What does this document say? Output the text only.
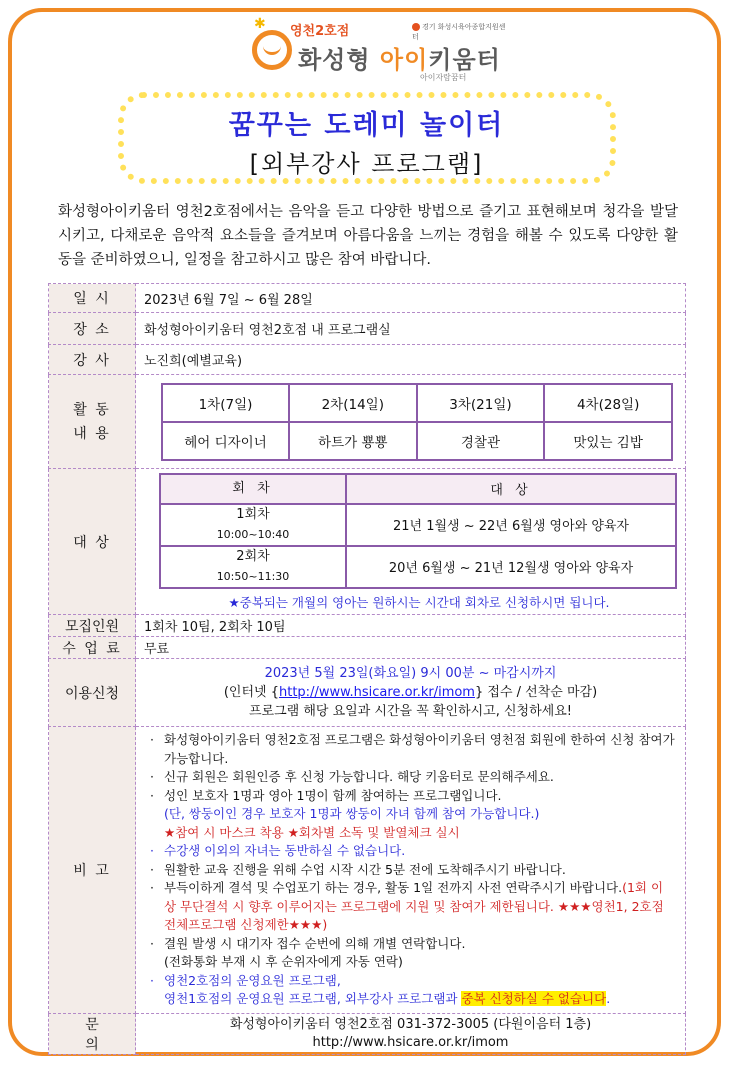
✱ 영천2호점	경기 화성시육아종합지원센터
화성형 아이키움터
아이자람꿈터
꿈꾸는 도레미 놀이터
[외부강사 프로그램]
화성형아이키움터 영천2호점에서는 음악을 듣고 다양한 방법으로 즐기고 표현해보며 청각을 발달시키고, 다채로운 음악적 요소들을 즐겨보며 아름다움을 느끼는 경험을 해볼 수 있도록 다양한 활동을 준비하였으니, 일정을 참고하시고 많은 참여 바랍니다.
일 시	2023년 6월 7일 ~ 6월 28일
장 소	화성형아이키움터 영천2호점 내 프로그램실
강 사	노진희(예별교육)

활 동
내 용

1차(7일)	2차(14일)	3차(21일)	4차(28일)
헤어 디자이너	하트가 뿅뿅	경찰관	맛있는 김밥

대 상	
회 차	대 상

1회차
10:00~10:40	21년 1월생 ~ 22년 6월생 영아와 양육자

2회차
10:50~11:30	20년 6월생 ~ 21년 12월생 영아와 양육자
★중복되는 개월의 영아는 원하시는 시간대 회차로 신청하시면 됩니다.

모집인원	1회차 10팀, 2회차 10팀
수 업 료	무료
이용신청	
2023년 5월 23일(화요일) 9시 00분 ~ 마감시까지
(인터넷 {http://www.hsicare.or.kr/imom} 접수 / 선착순 마감)
프로그램 해당 요일과 시간을 꼭 확인하시고, 신청하세요!

비 고	
· 화성형아이키움터 영천2호점 프로그램은 화성형아이키움터 영천점 회원에 한하여 신청 참여가 가능합니다.
· 신규 회원은 회원인증 후 신청 가능합니다. 해당 키움터로 문의해주세요.
· 성인 보호자 1명과 영아 1명이 함께 참여하는 프로그램입니다.
(단, 쌍둥이인 경우 보호자 1명과 쌍둥이 자녀 함께 참여 가능합니다.)
★참여 시 마스크 착용 ★회차별 소독 및 발열체크 실시
· 수강생 이외의 자녀는 동반하실 수 없습니다.
· 원활한 교육 진행을 위해 수업 시작 시간 5분 전에 도착해주시기 바랍니다.
· 부득이하게 결석 및 수업포기 하는 경우, 활동 1일 전까지 사전 연락주시기 바랍니다.(1회 이상 무단결석 시 향후 이루어지는 프로그램에 지원 및 참여가 제한됩니다. ★★★영천1, 2호점 전체프로그램 신청제한★★★)
· 결원 발생 시 대기자 접수 순번에 의해 개별 연락합니다.
(전화통화 부재 시 후 순위자에게 자동 연락)
· 영천2호점의 운영요원 프로그램,
영천1호점의 운영요원 프로그램, 외부강사 프로그램과 중복 신청하실 수 없습니다.

문 의	
화성형아이키움터 영천2호점 031-372-3005 (다원이음터 1층)
http://www.hsicare.or.kr/imom
